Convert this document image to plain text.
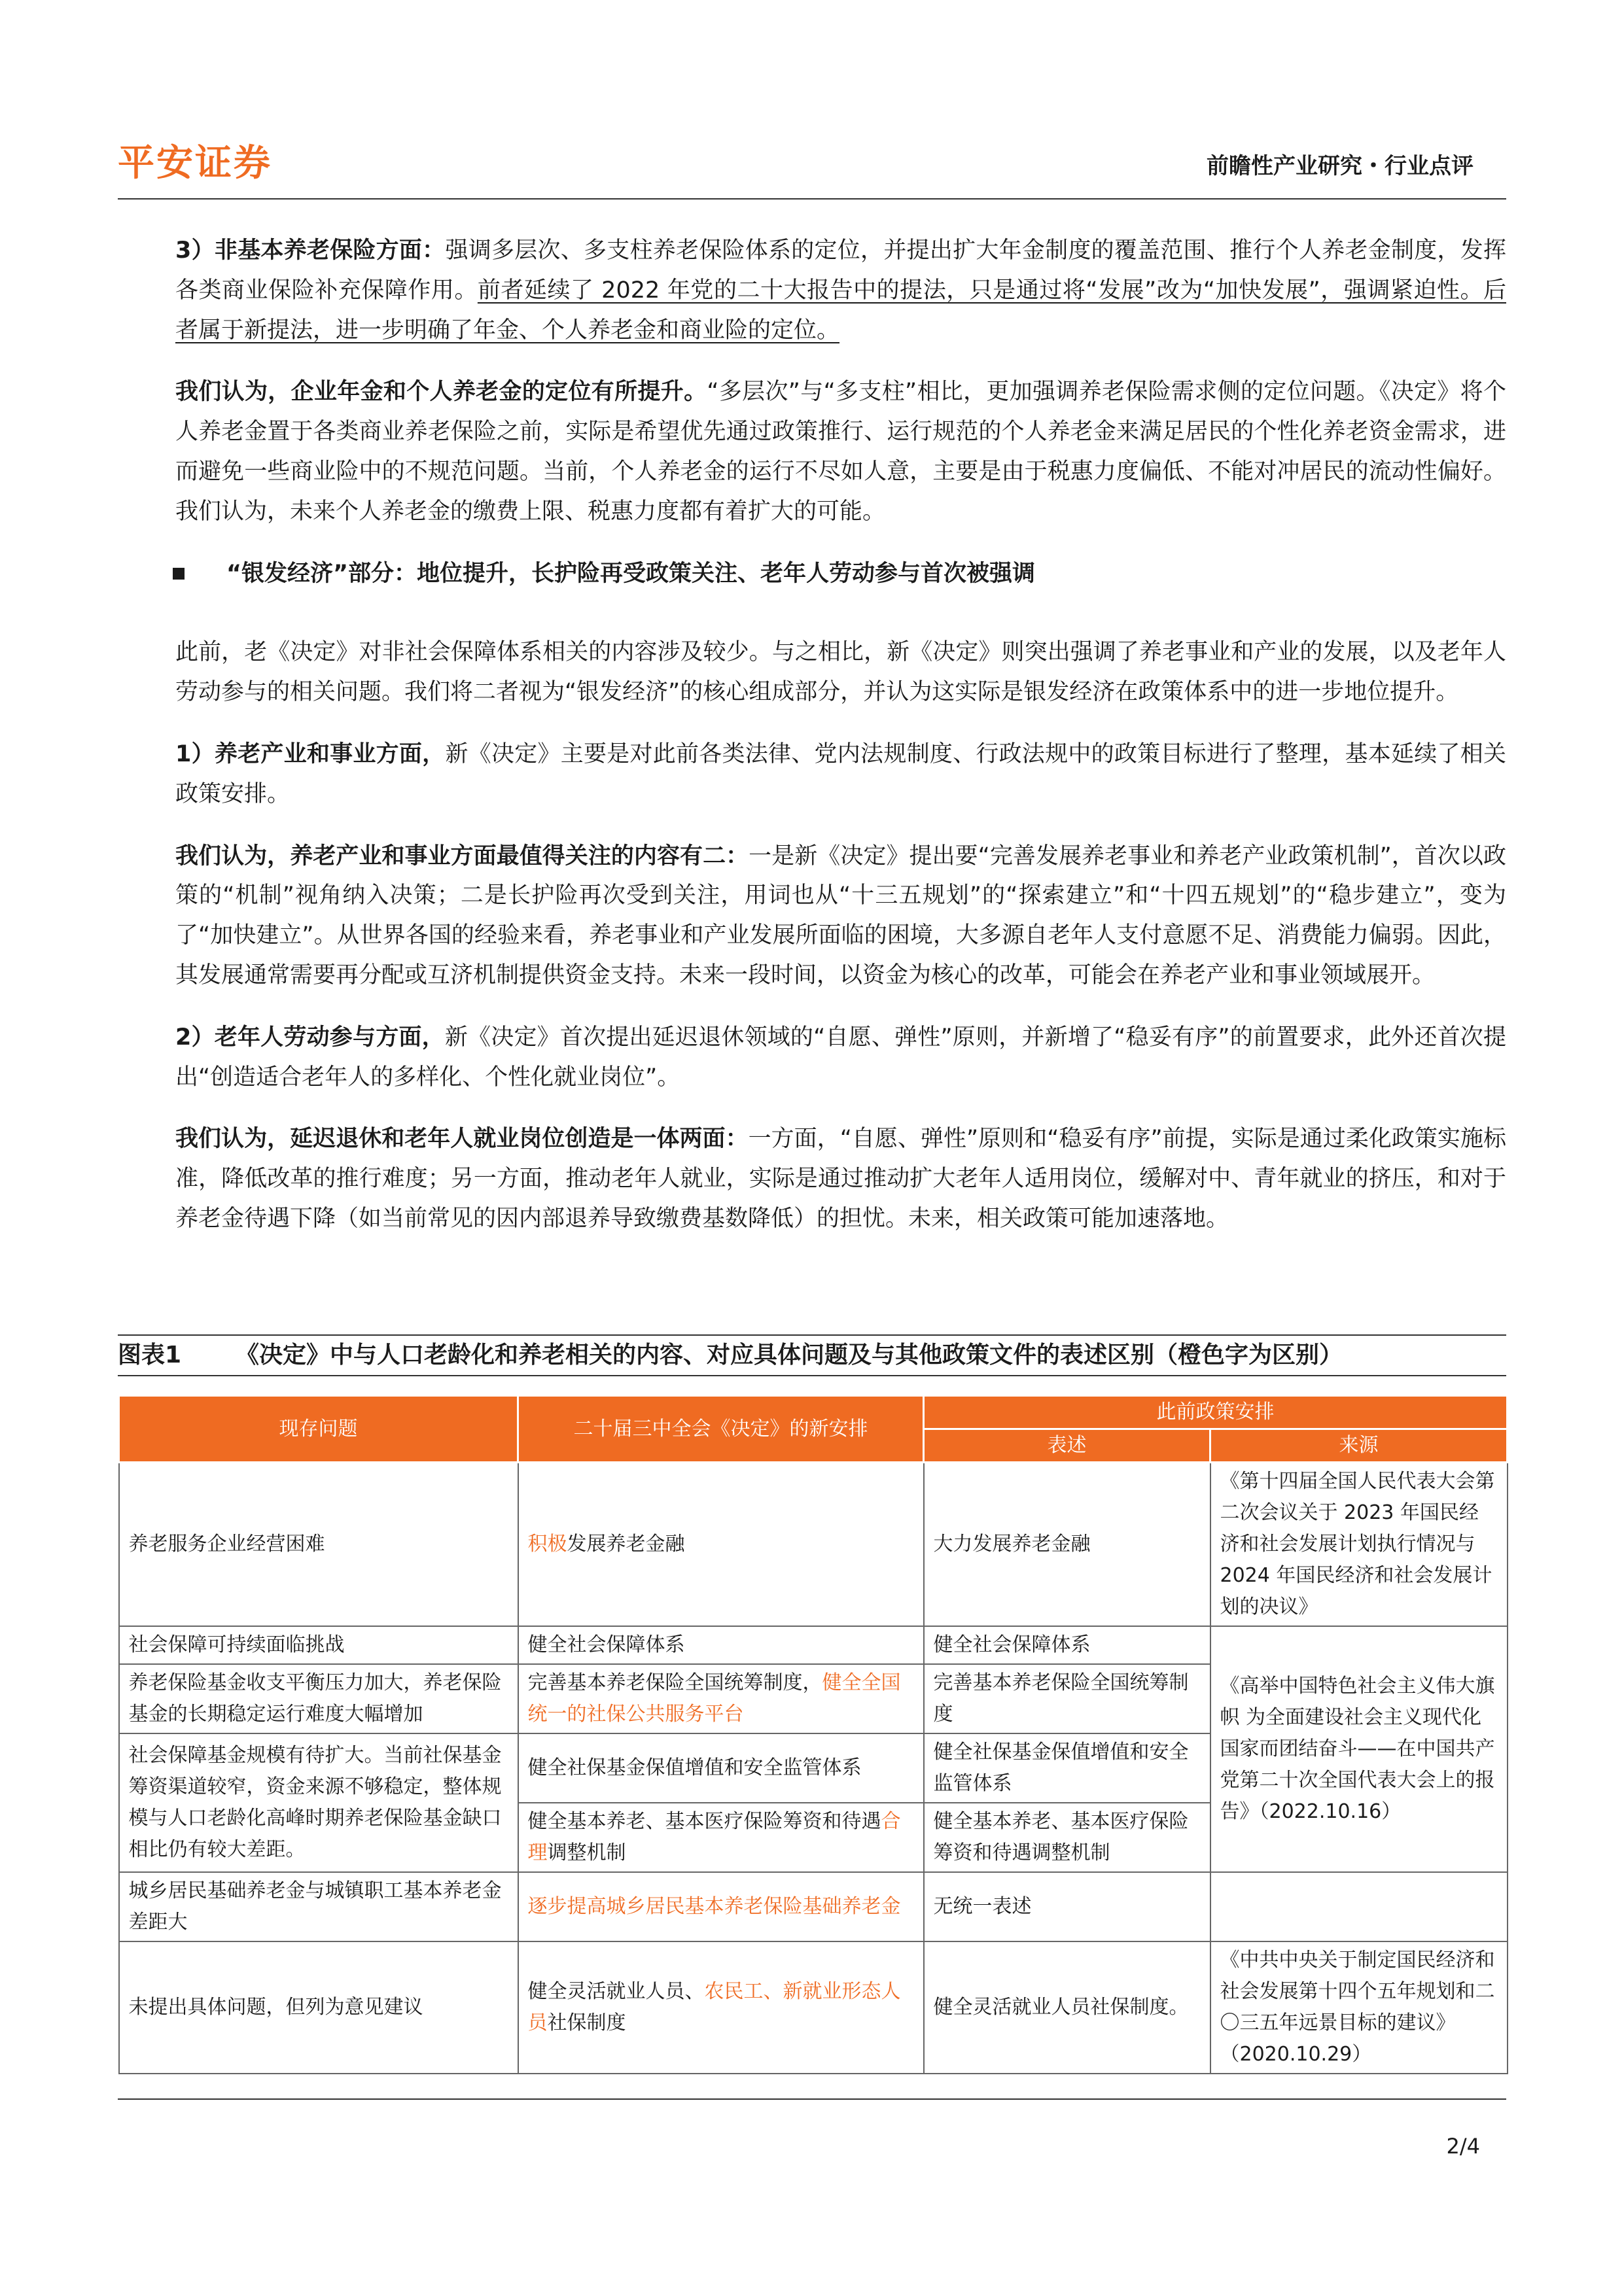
平安证券	前瞻性产业研究・行业点评

3）非基本养老保险方面：强调多层次、多支柱养老保险体系的定位，并提出扩大年金制度的覆盖范围、推行个人养老金制度，发挥各类商业保险补充保障作用。前者延续了 2022 年党的二十大报告中的提法，只是通过将“发展”改为“加快发展”，强调紧迫性。后者属于新提法，进一步明确了年金、个人养老金和商业险的定位。

我们认为，企业年金和个人养老金的定位有所提升。“多层次”与“多支柱”相比，更加强调养老保险需求侧的定位问题。《决定》将个人养老金置于各类商业养老保险之前，实际是希望优先通过政策推行、运行规范的个人养老金来满足居民的个性化养老资金需求，进而避免一些商业险中的不规范问题。当前，个人养老金的运行不尽如人意，主要是由于税惠力度偏低、不能对冲居民的流动性偏好。我们认为，未来个人养老金的缴费上限、税惠力度都有着扩大的可能。

“银发经济”部分：地位提升，长护险再受政策关注、老年人劳动参与首次被强调

此前，老《决定》对非社会保障体系相关的内容涉及较少。与之相比，新《决定》则突出强调了养老事业和产业的发展，以及老年人劳动参与的相关问题。我们将二者视为“银发经济”的核心组成部分，并认为这实际是银发经济在政策体系中的进一步地位提升。

1）养老产业和事业方面，新《决定》主要是对此前各类法律、党内法规制度、行政法规中的政策目标进行了整理，基本延续了相关政策安排。

我们认为，养老产业和事业方面最值得关注的内容有二：一是新《决定》提出要“完善发展养老事业和养老产业政策机制”，首次以政策的“机制”视角纳入决策；二是长护险再次受到关注，用词也从“十三五规划”的“探索建立”和“十四五规划”的“稳步建立”，变为了“加快建立”。从世界各国的经验来看，养老事业和产业发展所面临的困境，大多源自老年人支付意愿不足、消费能力偏弱。因此，其发展通常需要再分配或互济机制提供资金支持。未来一段时间，以资金为核心的改革，可能会在养老产业和事业领域展开。

2）老年人劳动参与方面，新《决定》首次提出延迟退休领域的“自愿、弹性”原则，并新增了“稳妥有序”的前置要求，此外还首次提出“创造适合老年人的多样化、个性化就业岗位”。

我们认为，延迟退休和老年人就业岗位创造是一体两面：一方面，“自愿、弹性”原则和“稳妥有序”前提，实际是通过柔化政策实施标准，降低改革的推行难度；另一方面，推动老年人就业，实际是通过推动扩大老年人适用岗位，缓解对中、青年就业的挤压，和对于养老金待遇下降（如当前常见的因内部退养导致缴费基数降低）的担忧。未来，相关政策可能加速落地。

图表1	《决定》中与人口老龄化和养老相关的内容、对应具体问题及与其他政策文件的表述区别（橙色字为区别）
现存问题	二十届三中全会《决定》的新安排	此前政策安排	
		表述	来源
养老服务企业经营困难	积极发展养老金融	大力发展养老金融	《第十四届全国人民代表大会第二次会议关于 2023 年国民经济和社会发展计划执行情况与 2024 年国民经济和社会发展计划的决议》
社会保障可持续面临挑战	健全社会保障体系	健全社会保障体系	《高举中国特色社会主义伟大旗帜 为全面建设社会主义现代化国家而团结奋斗——在中国共产党第二十次全国代表大会上的报告》（2022.10.16）
养老保险基金收支平衡压力加大，养老保险基金的长期稳定运行难度大幅增加	完善基本养老保险全国统筹制度，健全全国统一的社保公共服务平台	完善基本养老保险全国统筹制度	
社会保障基金规模有待扩大。当前社保基金筹资渠道较窄，资金来源不够稳定，整体规模与人口老龄化高峰时期养老保险基金缺口相比仍有较大差距。	健全社保基金保值增值和安全监管体系	健全社保基金保值增值和安全监管体系	
	健全基本养老、基本医疗保险筹资和待遇合理调整机制	健全基本养老、基本医疗保险筹资和待遇调整机制	
城乡居民基础养老金与城镇职工基本养老金差距大	逐步提高城乡居民基本养老保险基础养老金	无统一表述	
未提出具体问题，但列为意见建议	健全灵活就业人员、农民工、新就业形态人员社保制度	健全灵活就业人员社保制度。	《中共中央关于制定国民经济和社会发展第十四个五年规划和二〇三五年远景目标的建议》（2020.10.29）
2/4
